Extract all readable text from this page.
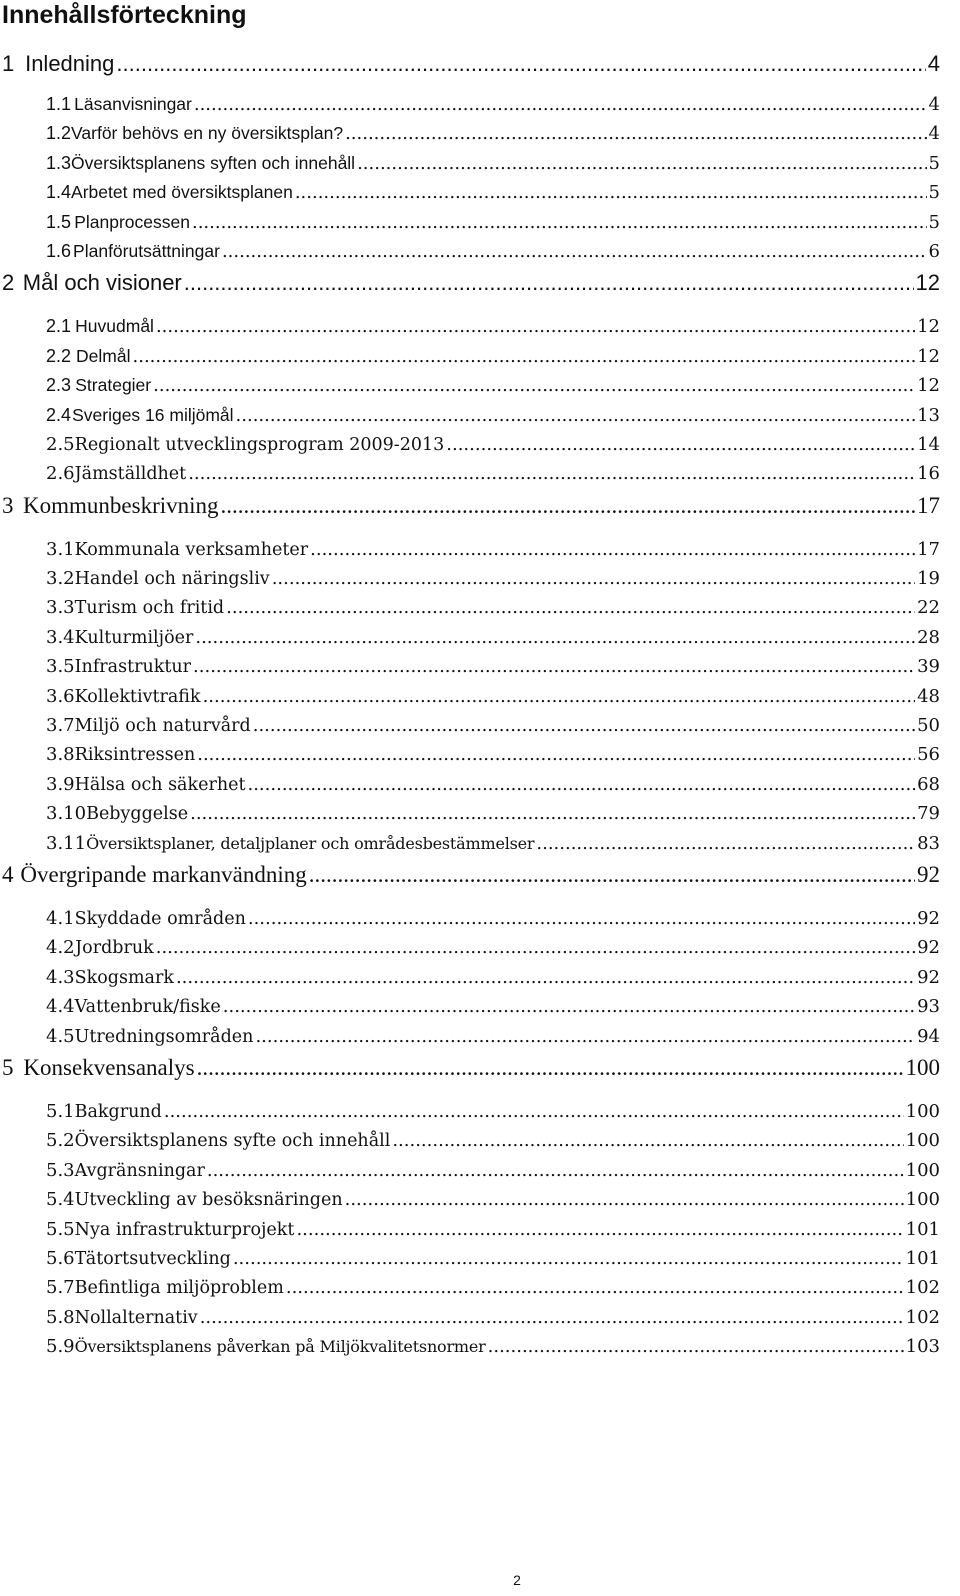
Innehållsförteckning
1 Inledning .....	4
1.1 Läsanvisningar .....	4
1.2 Varför behövs en ny översiktsplan? .....	4
1.3 Översiktsplanens syften och innehåll .....	5
1.4 Arbetet med översiktsplanen .....	5
1.5 Planprocessen .....	5
1.6 Planförutsättningar .....	6
2 Mål och visioner .....	12
2.1 Huvudmål .....	12
2.2 Delmål .....	12
2.3 Strategier .....	12
2.4 Sveriges 16 miljömål .....	13
2.5 Regionalt utvecklingsprogram 2009-2013 .....	14
2.6 Jämställdhet .....	16
3 Kommunbeskrivning .....	17
3.1 Kommunala verksamheter .....	17
3.2 Handel och näringsliv .....	19
3.3 Turism och fritid .....	22
3.4 Kulturmiljöer .....	28
3.5 Infrastruktur .....	39
3.6 Kollektivtrafik .....	48
3.7 Miljö och naturvård .....	50
3.8 Riksintressen .....	56
3.9 Hälsa och säkerhet .....	68
3.10 Bebyggelse .....	79
3.11 Översiktsplaner, detaljplaner och områdesbestämmelser .....	83
4 Övergripande markanvändning .....	92
4.1 Skyddade områden .....	92
4.2 Jordbruk .....	92
4.3 Skogsmark .....	92
4.4 Vattenbruk/fiske .....	93
4.5 Utredningsområden .....	94
5 Konsekvensanalys .....	100
5.1 Bakgrund .....	100
5.2 Översiktsplanens syfte och innehåll .....	100
5.3 Avgränsningar .....	100
5.4 Utveckling av besöksnäringen .....	100
5.5 Nya infrastrukturprojekt .....	101
5.6 Tätortsutveckling .....	101
5.7 Befintliga miljöproblem .....	102
5.8 Nollalternativ .....	102
5.9 Översiktsplanens påverkan på Miljökvalitetsnormer .....	103
2
